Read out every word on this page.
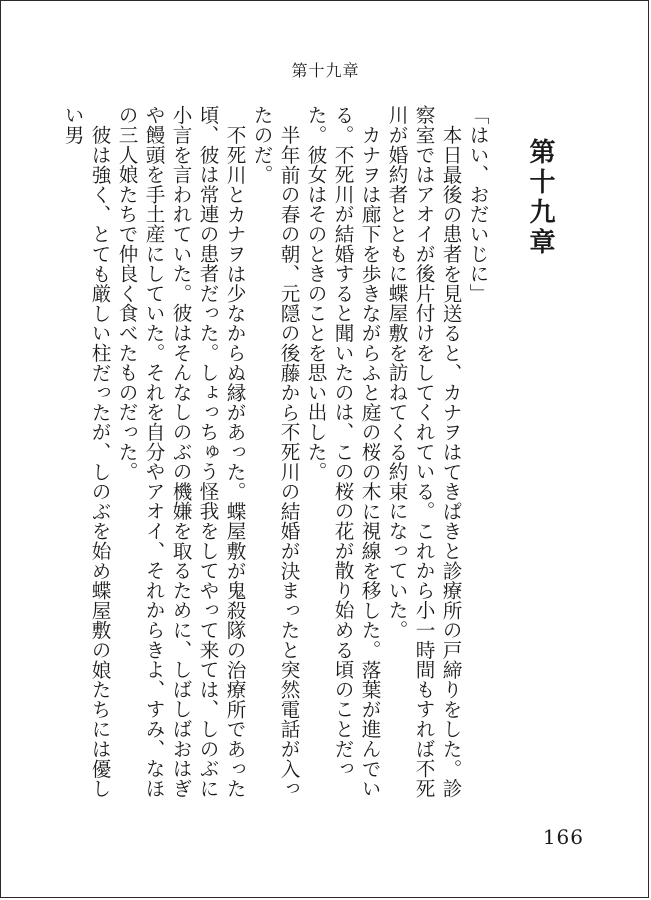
第十九章
第十九章

「はい、おだいじに」

本日最後の患者を見送ると、カナヲはてきぱきと診療所の戸締りをした。診察室ではアオイが後片付けをしてくれている。これから小一時間もすれば不死川が婚約者とともに蝶屋敷を訪ねてくる約束になっていた。

カナヲは廊下を歩きながらふと庭の桜の木に視線を移した。落葉が進んでいる。不死川が結婚すると聞いたのは、この桜の花が散り始める頃のことだった。彼女はそのときのことを思い出した。

半年前の春の朝、元隠の後藤から不死川の結婚が決まったと突然電話が入ったのだ。

不死川とカナヲは少なからぬ縁があった。蝶屋敷が鬼殺隊の治療所であった頃、彼は常連の患者だった。しょっちゅう怪我をしてやって来ては、しのぶに小言を言われていた。彼はそんなしのぶの機嫌を取るために、しばしばおはぎや饅頭を手土産にしていた。それを自分やアオイ、それからきよ、すみ、なほの三人娘たちで仲良く食べたものだった。

彼は強く、とても厳しい柱だったが、しのぶを始め蝶屋敷の娘たちには優しい男

166
